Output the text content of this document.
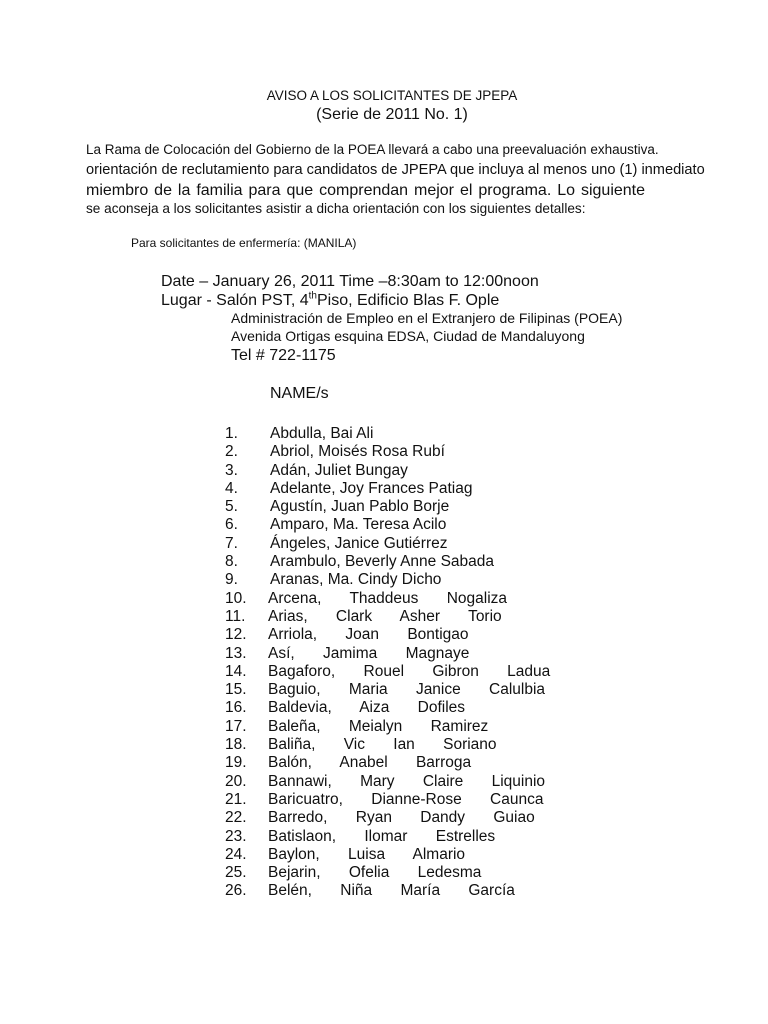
AVISO A LOS SOLICITANTES DE JPEPA
(Serie de 2011 No. 1)
La Rama de Colocación del Gobierno de la POEA llevará a cabo una preevaluación exhaustiva.
orientación de reclutamiento para candidatos de JPEPA que incluya al menos uno (1) inmediato
miembro de la familia para que comprendan mejor el programa. Lo siguiente
se aconseja a los solicitantes asistir a dicha orientación con los siguientes detalles:
Para solicitantes de enfermería: (MANILA)
Date – January 26, 2011 Time –8:30am to 12:00noon
Lugar - Salón PST, 4thPiso, Edificio Blas F. Ople
Administración de Empleo en el Extranjero de Filipinas (POEA)
Avenida Ortigas esquina EDSA, Ciudad de Mandaluyong
Tel # 722-1175
NAME/s
1. Abdulla, Bai Ali
2. Abriol, Moisés Rosa Rubí
3. Adán, Juliet Bungay
4. Adelante, Joy Frances Patiag
5. Agustín, Juan Pablo Borje
6. Amparo, Ma. Teresa Acilo
7. Ángeles, Janice Gutiérrez
8. Arambulo, Beverly Anne Sabada
9. Aranas, Ma. Cindy Dicho
10. Arcena, Thaddeus Nogaliza
11. Arias, Clark Asher Torio
12. Arriola, Joan Bontigao
13. Así, Jamima Magnaye
14. Bagaforo, Rouel Gibron Ladua
15. Baguio, Maria Janice Calulbia
16. Baldevia, Aiza Dofiles
17. Baleña, Meialyn Ramirez
18. Baliña, Vic Ian Soriano
19. Balón, Anabel Barroga
20. Bannawi, Mary Claire Liquinio
21. Baricuatro, Dianne-Rose Caunca
22. Barredo, Ryan Dandy Guiao
23. Batislaon, Ilomar Estrelles
24. Baylon, Luisa Almario
25. Bejarin, Ofelia Ledesma
26. Belén, Niña María García
